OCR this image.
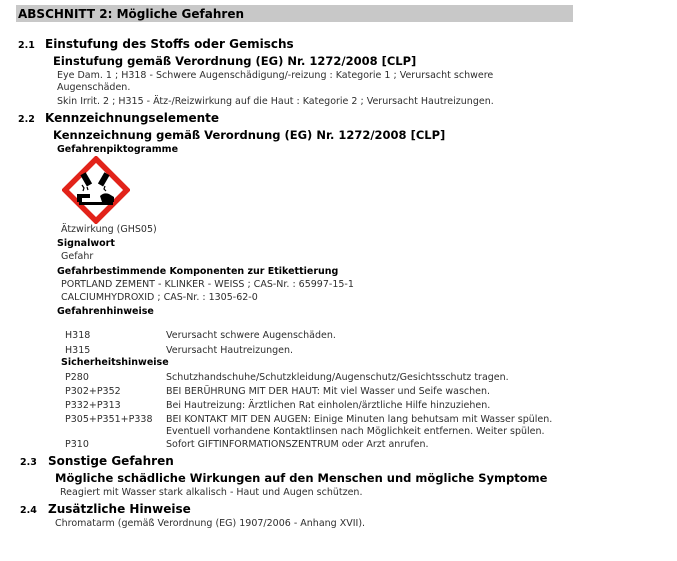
ABSCHNITT 2: Mögliche Gefahren
2.1 Einstufung des Stoffs oder Gemischs
Einstufung gemäß Verordnung (EG) Nr. 1272/2008 [CLP]
Eye Dam. 1 ; H318 - Schwere Augenschädigung/-reizung : Kategorie 1 ; Verursacht schwere
Augenschäden.
Skin Irrit. 2 ; H315 - Ätz-/Reizwirkung auf die Haut : Kategorie 2 ; Verursacht Hautreizungen.
2.2 Kennzeichnungselemente
Kennzeichnung gemäß Verordnung (EG) Nr. 1272/2008 [CLP]
Gefahrenpiktogramme
Ätzwirkung (GHS05)
Signalwort
Gefahr
Gefahrbestimmende Komponenten zur Etikettierung
PORTLAND ZEMENT - KLINKER - WEISS ; CAS-Nr. : 65997-15-1
CALCIUMHYDROXID ; CAS-Nr. : 1305-62-0
Gefahrenhinweise
H318	Verursacht schwere Augenschäden.
H315	Verursacht Hautreizungen.
Sicherheitshinweise
P280	Schutzhandschuhe/Schutzkleidung/Augenschutz/Gesichtsschutz tragen.
P302+P352	BEI BERÜHRUNG MIT DER HAUT: Mit viel Wasser und Seife waschen.
P332+P313	Bei Hautreizung: Ärztlichen Rat einholen/ärztliche Hilfe hinzuziehen.
P305+P351+P338 BEI KONTAKT MIT DEN AUGEN: Einige Minuten lang behutsam mit Wasser spülen.
Eventuell vorhandene Kontaktlinsen nach Möglichkeit entfernen. Weiter spülen.
P310	Sofort GIFTINFORMATIONSZENTRUM oder Arzt anrufen.
2.3 Sonstige Gefahren
Mögliche schädliche Wirkungen auf den Menschen und mögliche Symptome
Reagiert mit Wasser stark alkalisch - Haut und Augen schützen.
2.4 Zusätzliche Hinweise
Chromatarm (gemäß Verordnung (EG) 1907/2006 - Anhang XVII).
